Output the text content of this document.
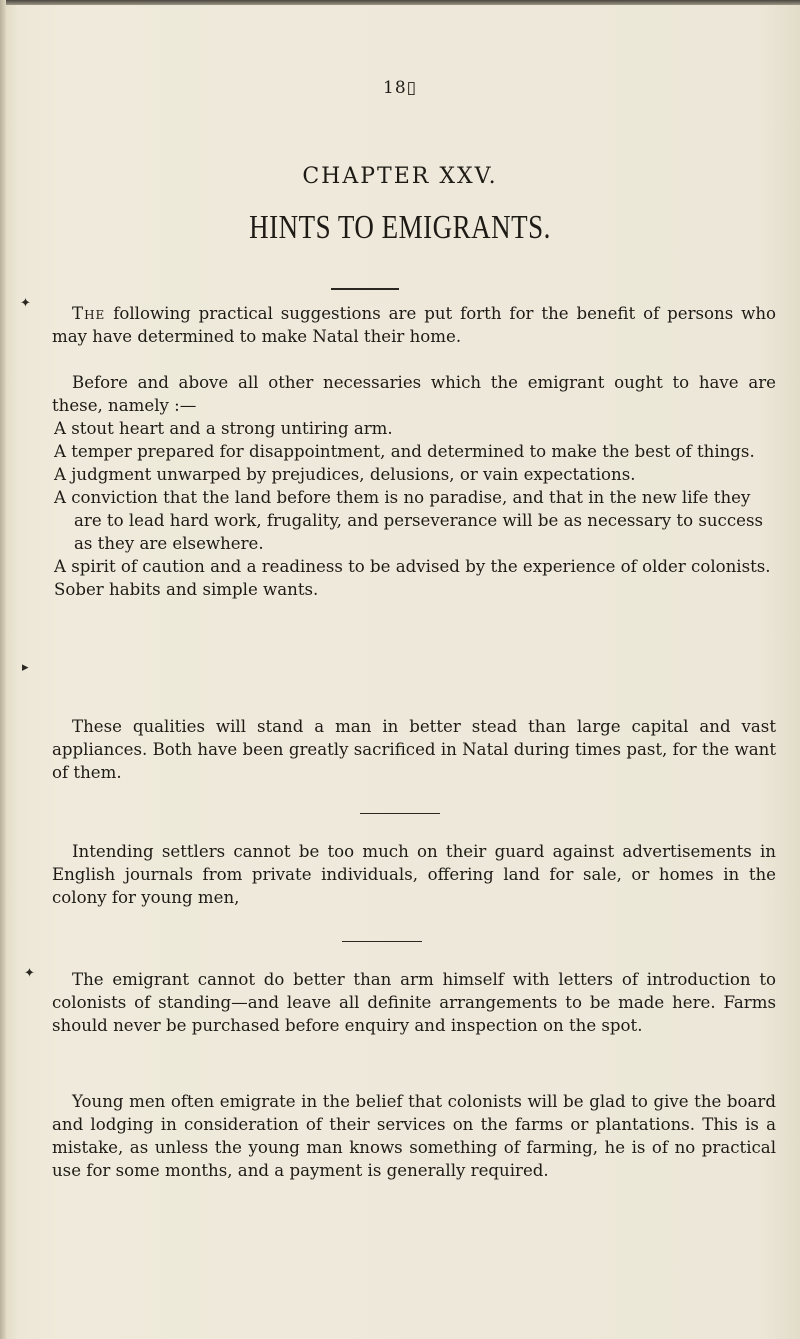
18▯
CHAPTER XXV.
HINTS TO EMIGRANTS.
✦

The following practical suggestions are put forth for the benefit of persons who may have determined to make Natal their home.

Before and above all other necessaries which the emigrant ought to have are these, namely :—

A stout heart and a strong untiring arm.
A temper prepared for disappointment, and determined to make the best of things.
A judgment unwarped by prejudices, delusions, or vain expectations.
A conviction that the land before them is no paradise, and that in the new life they are to lead hard work, frugality, and perseverance will be as necessary to success as they are elsewhere.
A spirit of caution and a readiness to be advised by the experience of older colonists.
Sober habits and simple wants.
▸

These qualities will stand a man in better stead than large capital and vast appliances. Both have been greatly sacrificed in Natal during times past, for the want of them.

Intending settlers cannot be too much on their guard against advertisements in English journals from private individuals, offering land for sale, or homes in the colony for young men,

✦	The emigrant cannot do better than arm himself with letters of introduction to colonists of standing—and leave all definite arrangements to be made here. Farms should never be purchased before enquiry and inspection on the spot.

Young men often emigrate in the belief that colonists will be glad to give the board and lodging in consideration of their services on the farms or plantations. This is a mistake, as unless the young man knows something of farming, he is of no practical use for some months, and a payment is generally required.
